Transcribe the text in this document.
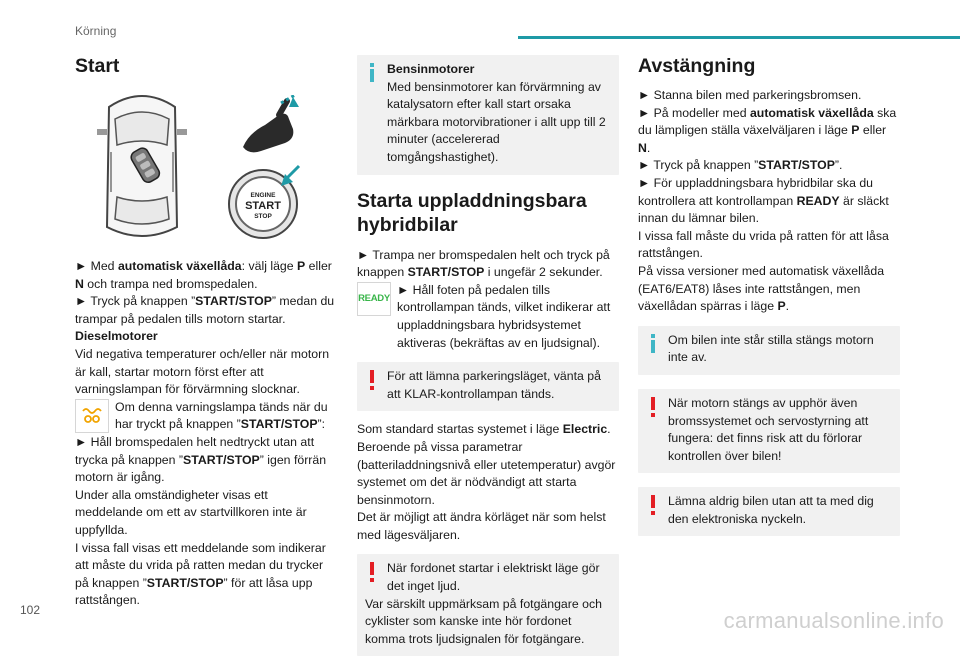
Körning
Start
ENGINE
START
STOP

► Med automatisk växellåda: välj läge P eller N och trampa ned bromspedalen.

► Tryck på knappen ”START/STOP” medan du trampar på pedalen tills motorn startar.

Dieselmotorer

Vid negativa temperaturer och/eller när motorn är kall, startar motorn först efter att varningslampan för förvärmning slocknar.

Om denna varningslampa tänds när du har tryckt på knappen ”START/STOP”:

► Håll bromspedalen helt nedtryckt utan att trycka på knappen ”START/STOP” igen förrän motorn är igång.

Under alla omständigheter visas ett meddelande om ett av startvillkoren inte är uppfyllda.

I vissa fall visas ett meddelande som indikerar att måste du vrida på ratten medan du trycker på knappen ”START/STOP” för att låsa upp rattstången.

Bensinmotorer

Med bensinmotorer kan förvärmning av katalysatorn efter kall start orsaka märkbara motorvibrationer i allt upp till 2 minuter (accelererad tomgångshastighet).

Starta uppladdningsbara hybridbilar

► Trampa ner bromspedalen helt och tryck på knappen START/STOP i ungefär 2 sekunder.

READY

► Håll foten på pedalen tills kontrollampan tänds, vilket indikerar att uppladdningsbara hybridsystemet aktiveras (bekräftas av en ljudsignal).

För att lämna parkeringsläget, vänta på att KLAR-kontrollampan tänds.

Som standard startas systemet i läge Electric.

Beroende på vissa parametrar (batteriladdningsnivå eller utetemperatur) avgör systemet om det är nödvändigt att starta bensinmotorn.

Det är möjligt att ändra körläget när som helst med lägesväljaren.

När fordonet startar i elektriskt läge gör det inget ljud.

Var särskilt uppmärksam på fotgängare och cyklister som kanske inte hör fordonet komma trots ljudsignalen för fotgängare.

Avstängning

► Stanna bilen med parkeringsbromsen.

► På modeller med automatisk växellåda ska du lämpligen ställa växelväljaren i läge P eller N.

► Tryck på knappen ”START/STOP”.

► För uppladdningsbara hybridbilar ska du kontrollera att kontrollampan READY är släckt innan du lämnar bilen.

I vissa fall måste du vrida på ratten för att låsa rattstången.

På vissa versioner med automatisk växellåda (EAT6/EAT8) låses inte rattstången, men växellådan spärras i läge P.

Om bilen inte står stilla stängs motorn inte av.

När motorn stängs av upphör även bromssystemet och servostyrning att fungera: det finns risk att du förlorar kontrollen över bilen!

Lämna aldrig bilen utan att ta med dig den elektroniska nyckeln.

102	carmanualsonline.info
